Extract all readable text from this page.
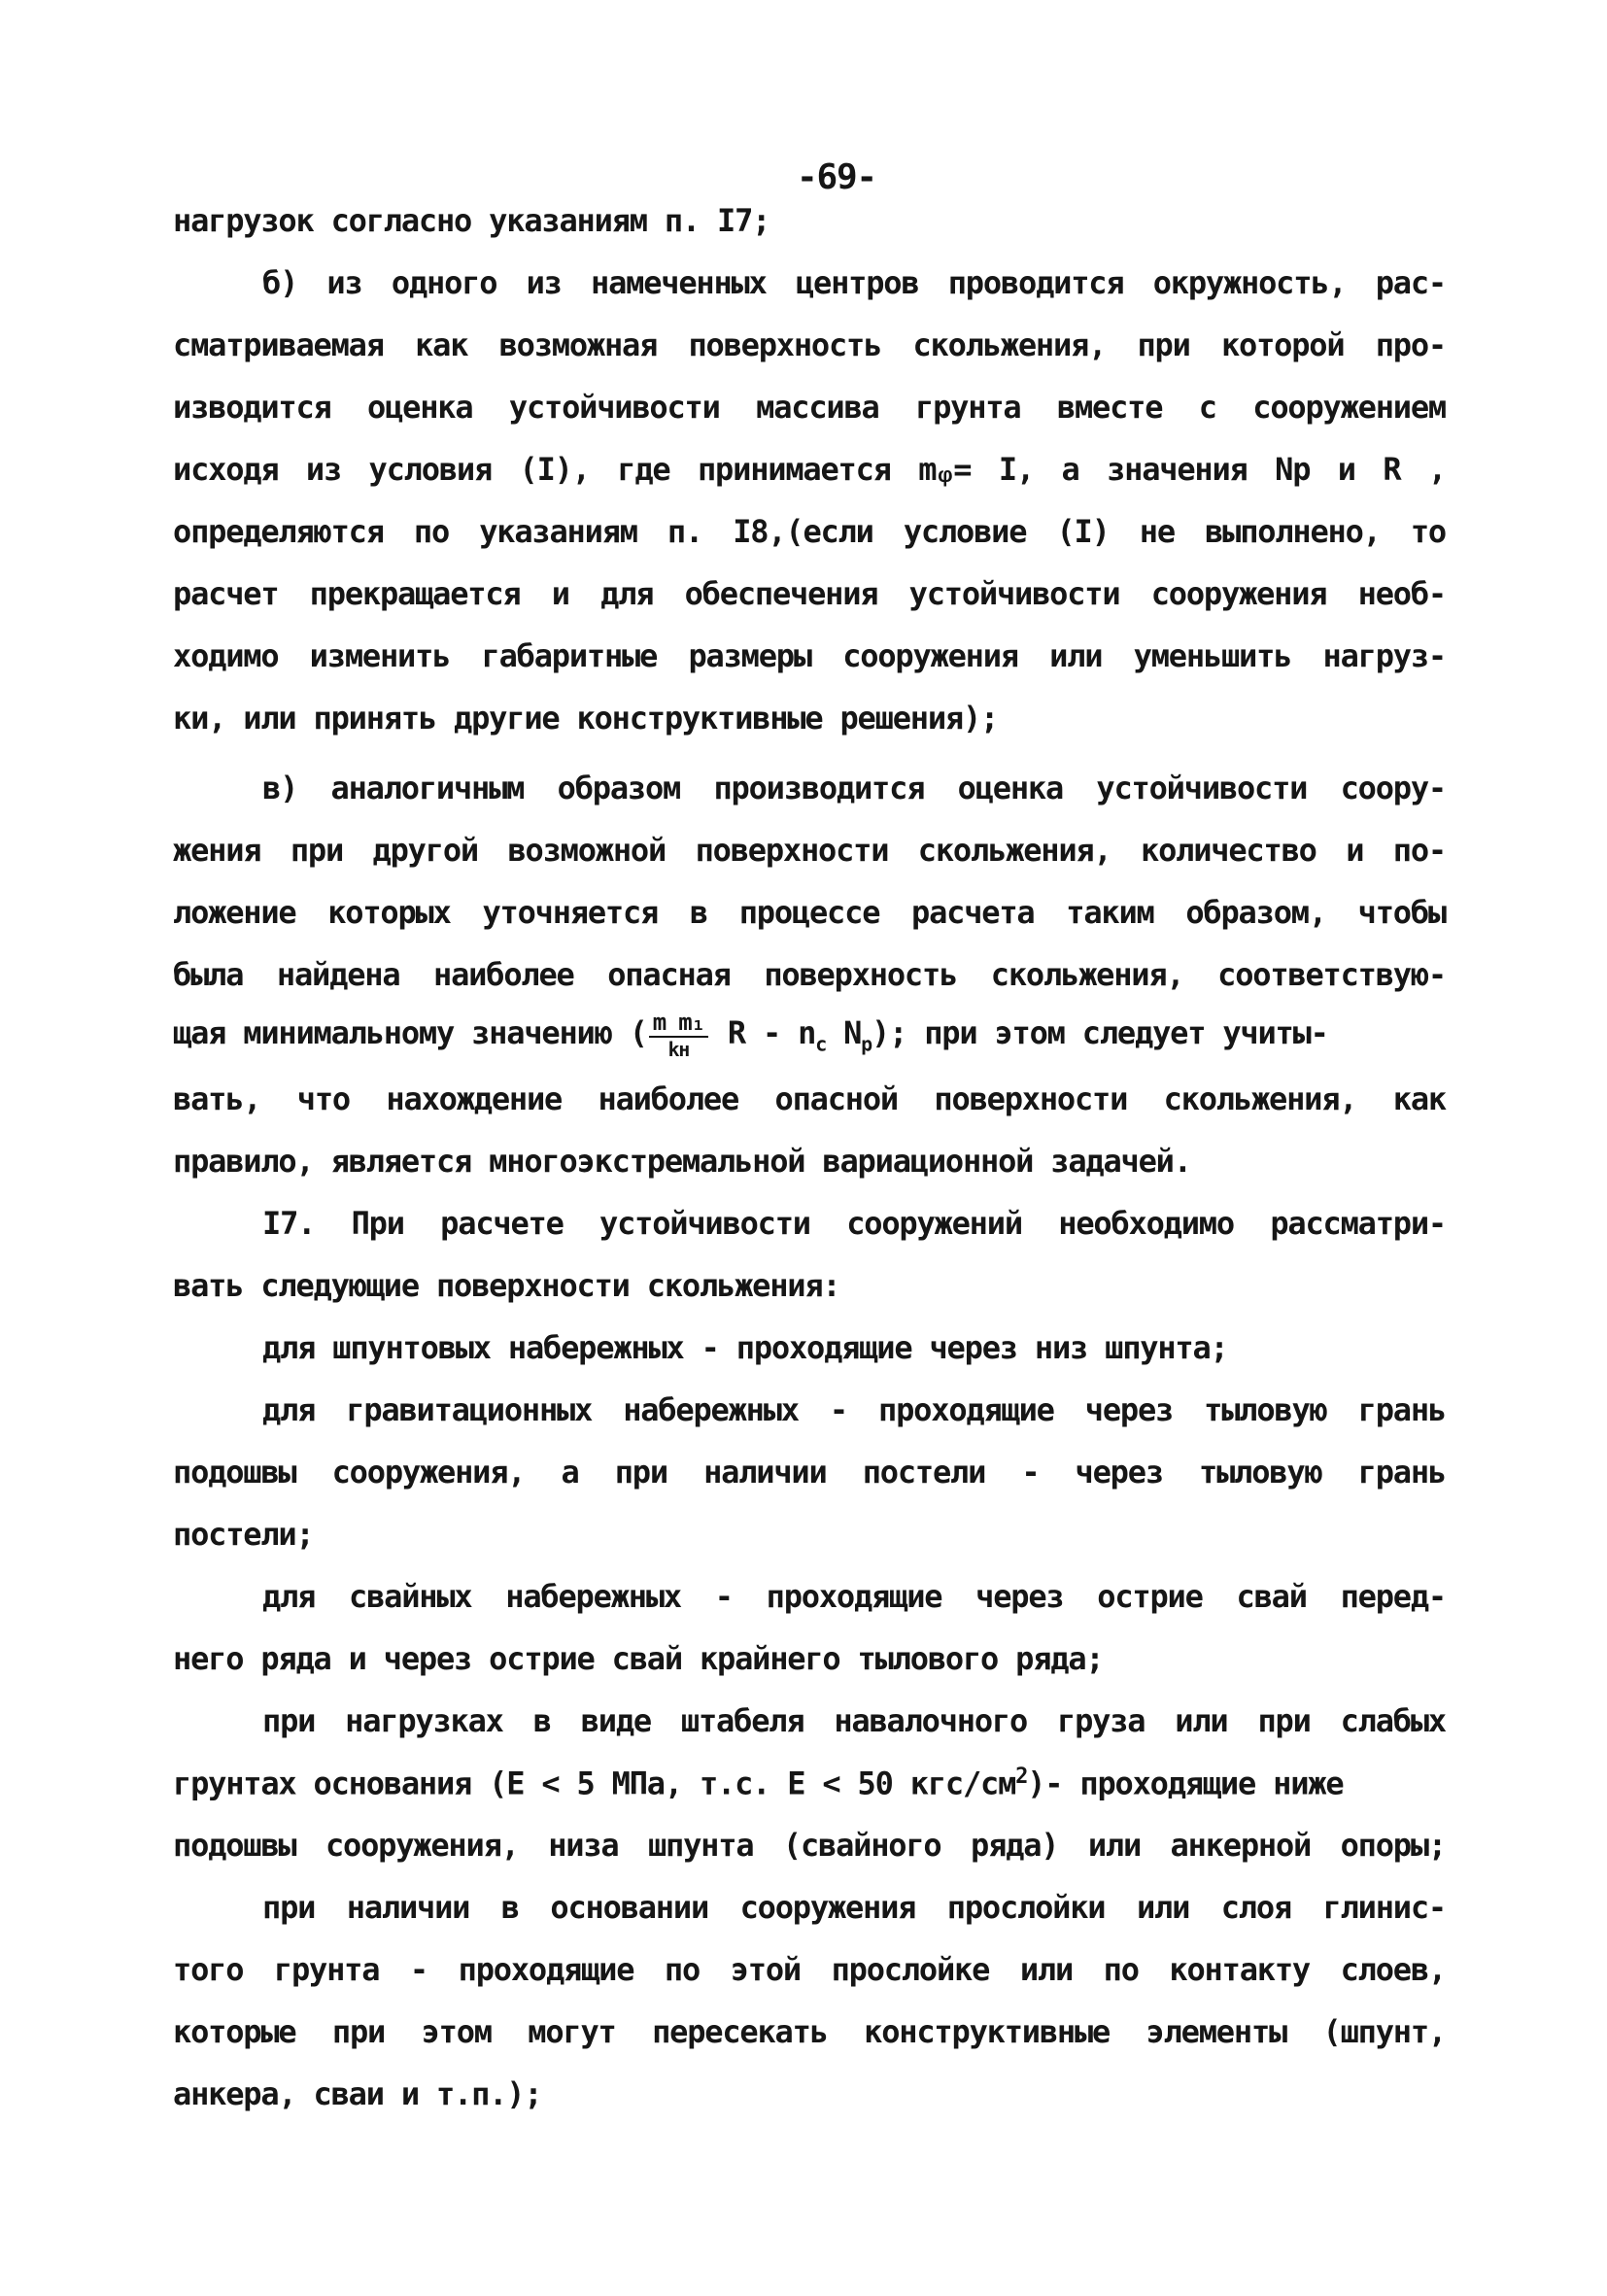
-69-
нагрузок согласно указаниям п. I7;
б) из одного из намеченных центров проводится окружность, рас-
сматриваемая как возможная поверхность скольжения, при которой про-
изводится оценка устойчивости массива грунта вместе с сооружением
исходя из условия (I), где принимается mᵩ= I, а значения Np и R ,
определяются по указаниям п. I8,(если условие (I) не выполнено, то
расчет прекращается и для обеспечения устойчивости сооружения необ-
ходимо изменить габаритные размеры сооружения или уменьшить нагруз-
ки, или принять другие конструктивные решения);
в) аналогичным образом производится оценка устойчивости соору-
жения при другой возможной поверхности скольжения, количество и по-
ложение которых уточняется в процессе расчета таким образом, чтобы
была найдена наиболее опасная поверхность скольжения, соответствую-
щая минимальному значению ( $\frac{\text{m m₁}}{kн}$ R - $n_c$ $N_p$); при этом следует учиты-
вать, что нахождение наиболее опасной поверхности скольжения, как
правило, является многоэкстремальной вариационной задачей.
I7. При расчете устойчивости сооружений необходимо рассматри-
вать следующие поверхности скольжения:
для шпунтовых набережных - проходящие через низ шпунта;
для гравитационных набережных - проходящие через тыловую грань
подошвы сооружения, а при наличии постели - через тыловую грань
постели;
для свайных набережных - проходящие через острие свай перед-
него ряда и через острие свай крайнего тылового ряда;
при нагрузках в виде штабеля навалочного груза или при слабых
грунтах основания (E < 5 МПа, т.с. E < 50 кгс/$см^2)-$ проходящие ниже
подошвы сооружения, низа шпунта (свайного ряда) или анкерной опоры;
при наличии в основании сооружения прослойки или слоя глинис-
того грунта - проходящие по этой прослойке или по контакту слоев,
которые при этом могут пересекать конструктивные элементы (шпунт,
анкера, сваи и т.п.);
